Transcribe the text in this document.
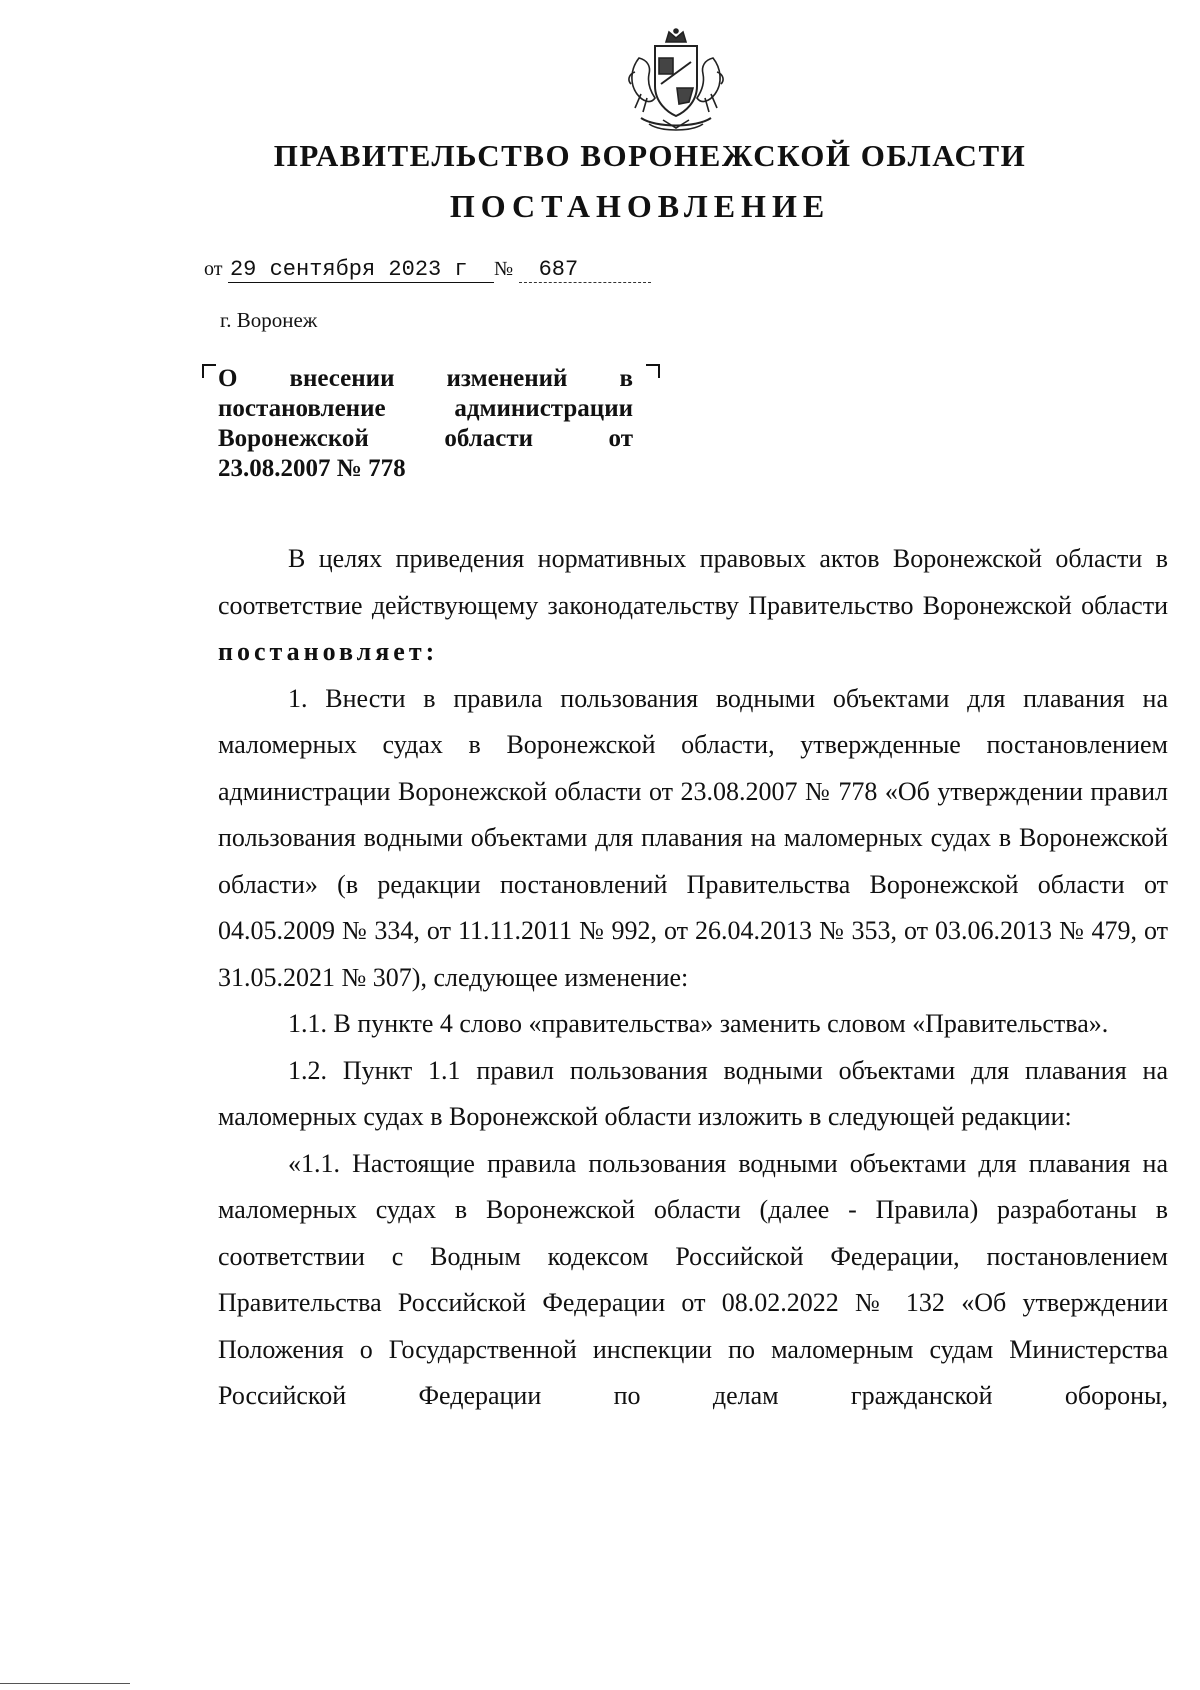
ПРАВИТЕЛЬСТВО ВОРОНЕЖСКОЙ ОБЛАСТИ
ПОСТАНОВЛЕНИЕ
от 29 сентября 2023 г № 687
г. Воронеж
О внесении изменений в
постановление	администрации
Воронежской	области	от
23.08.2007 № 778

В целях приведения нормативных правовых актов Воронежской области в соответствие действующему законодательству Правительство Воронежской области постановляет:

1. Внести в правила пользования водными объектами для плавания на маломерных судах в Воронежской области, утвержденные постановлением администрации Воронежской области от 23.08.2007 № 778 «Об утверждении правил пользования водными объектами для плавания на маломерных судах в Воронежской области» (в редакции постановлений Правительства Воронежской области от 04.05.2009 № 334, от 11.11.2011 № 992, от 26.04.2013 № 353, от 03.06.2013 № 479, от 31.05.2021 № 307), следующее изменение:

1.1. В пункте 4 слово «правительства» заменить словом «Правительства».

1.2. Пункт 1.1 правил пользования водными объектами для плавания на маломерных судах в Воронежской области изложить в следующей редакции:

«1.1. Настоящие правила пользования водными объектами для плавания на маломерных судах в Воронежской области (далее - Правила) разработаны в соответствии с Водным кодексом Российской Федерации, постановлением Правительства Российской Федерации от 08.02.2022 № 132 «Об утверждении Положения о Государственной инспекции по маломерным судам Министерства Российской Федерации по делам гражданской обороны,
